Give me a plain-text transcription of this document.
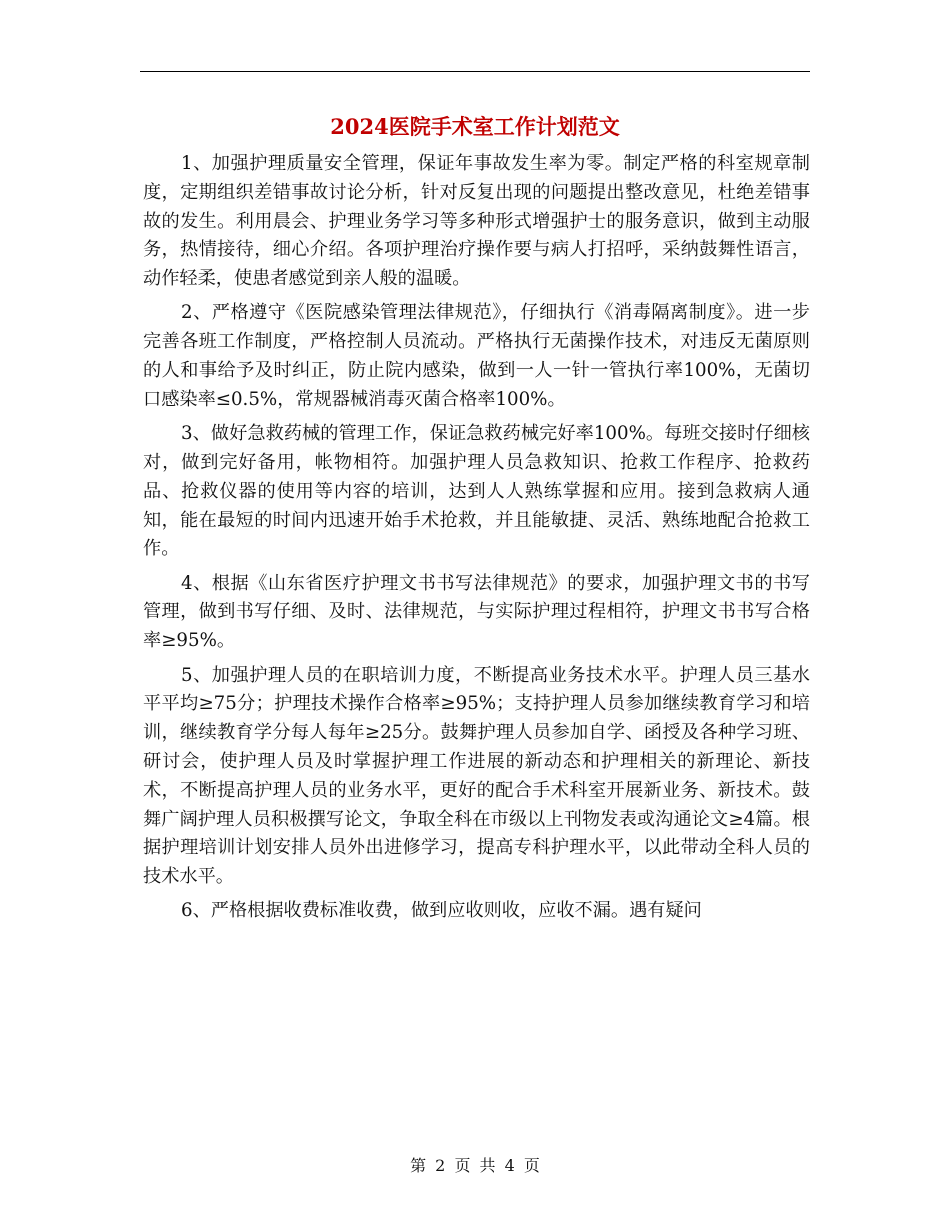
2024医院手术室工作计划范文

1、加强护理质量安全管理，保证年事故发生率为零。制定严格的科室规章制度，定期组织差错事故讨论分析，针对反复出现的问题提出整改意见，杜绝差错事故的发生。利用晨会、护理业务学习等多种形式增强护士的服务意识，做到主动服务，热情接待，细心介绍。各项护理治疗操作要与病人打招呼，采纳鼓舞性语言，动作轻柔，使患者感觉到亲人般的温暖。

2、严格遵守《医院感染管理法律规范》，仔细执行《消毒隔离制度》。进一步完善各班工作制度，严格控制人员流动。严格执行无菌操作技术，对违反无菌原则的人和事给予及时纠正，防止院内感染，做到一人一针一管执行率100%，无菌切口感染率≤0.5%，常规器械消毒灭菌合格率100%。

3、做好急救药械的管理工作，保证急救药械完好率100%。每班交接时仔细核对，做到完好备用，帐物相符。加强护理人员急救知识、抢救工作程序、抢救药品、抢救仪器的使用等内容的培训，达到人人熟练掌握和应用。接到急救病人通知，能在最短的时间内迅速开始手术抢救，并且能敏捷、灵活、熟练地配合抢救工作。

4、根据《山东省医疗护理文书书写法律规范》的要求，加强护理文书的书写管理，做到书写仔细、及时、法律规范，与实际护理过程相符，护理文书书写合格率≥95%。

5、加强护理人员的在职培训力度，不断提高业务技术水平。护理人员三基水平平均≥75分；护理技术操作合格率≥95%；支持护理人员参加继续教育学习和培训，继续教育学分每人每年≥25分。鼓舞护理人员参加自学、函授及各种学习班、研讨会，使护理人员及时掌握护理工作进展的新动态和护理相关的新理论、新技术，不断提高护理人员的业务水平，更好的配合手术科室开展新业务、新技术。鼓舞广阔护理人员积极撰写论文，争取全科在市级以上刊物发表或沟通论文≥4篇。根据护理培训计划安排人员外出进修学习，提高专科护理水平，以此带动全科人员的技术水平。

6、严格根据收费标准收费，做到应收则收，应收不漏。遇有疑问

第 2 页 共 4 页
